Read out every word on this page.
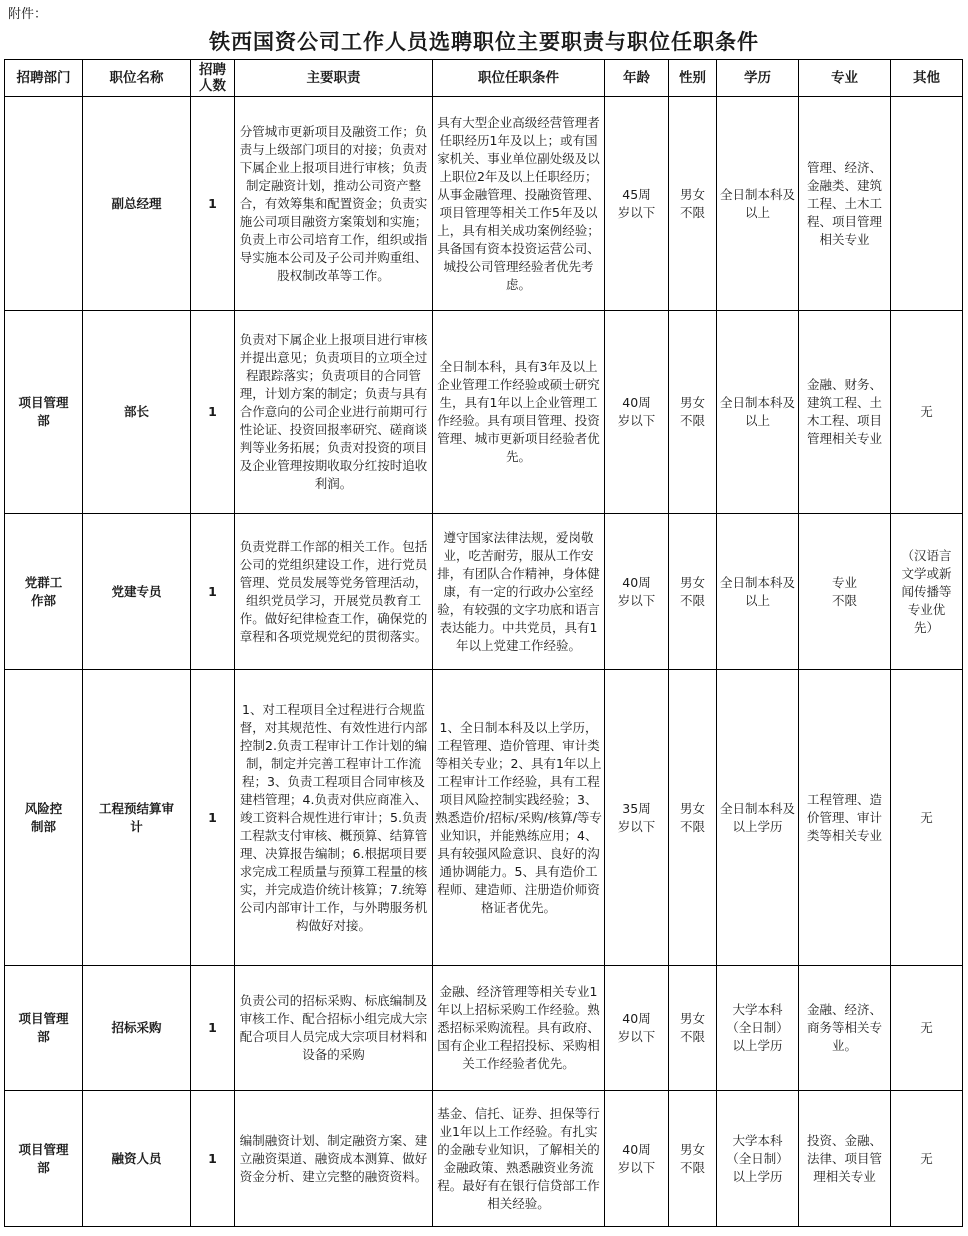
附件：
铁西国资公司工作人员选聘职位主要职责与职位任职条件
招聘部门	职位名称	招聘人数	主要职责	职位任职条件	年龄	性别	学历	专业	其他
	副总经理	1	分管城市更新项目及融资工作；负责与上级部门项目的对接；负责对下属企业上报项目进行审核；负责制定融资计划，推动公司资产整合，有效筹集和配置资金；负责实施公司项目融资方案策划和实施；负责上市公司培育工作，组织或指导实施本公司及子公司并购重组、股权制改革等工作。	具有大型企业高级经营管理者任职经历1年及以上；或有国家机关、事业单位副处级及以上职位2年及以上任职经历；从事金融管理、投融资管理、项目管理等相关工作5年及以上，具有相关成功案例经验；具备国有资本投资运营公司、城投公司管理经验者优先考虑。	45周岁以下	男女不限	全日制本科及以上	管理、经济、金融类、建筑工程、土木工程、项目管理相关专业	

项目管理部	部长	1	负责对下属企业上报项目进行审核并提出意见；负责项目的立项全过程跟踪落实；负责项目的合同管理，计划方案的制定；负责与具有合作意向的公司企业进行前期可行性论证、投资回报率研究、磋商谈判等业务拓展；负责对投资的项目及企业管理按期收取分红按时追收利润。	全日制本科，具有3年及以上企业管理工作经验或硕士研究生，具有1年以上企业管理工作经验。具有项目管理、投资管理、城市更新项目经验者优先。	40周岁以下	男女不限	全日制本科及以上	金融、财务、建筑工程、土木工程、项目管理相关专业	无

党群工作部	党建专员	1	负责党群工作部的相关工作。包括公司的党组织建设工作，进行党员管理、党员发展等党务管理活动，组织党员学习，开展党员教育工作。做好纪律检查工作，确保党的章程和各项党规党纪的贯彻落实。	遵守国家法律法规，爱岗敬业，吃苦耐劳，服从工作安排，有团队合作精神，身体健康，有一定的行政办公室经验，有较强的文字功底和语言表达能力。中共党员，具有1年以上党建工作经验。	40周岁以下	男女不限	全日制本科及以上	专业不限	（汉语言文学或新闻传播等专业优先）

风险控制部	工程预结算审计	1	1、对工程项目全过程进行合规监督，对其规范性、有效性进行内部控制2.负责工程审计工作计划的编制，制定并完善工程审计工作流程；3、负责工程项目合同审核及建档管理；4.负责对供应商准入、竣工资料合规性进行审计；5.负责工程款支付审核、概预算、结算管理、决算报告编制；6.根据项目要求完成工程质量与预算工程量的核实，并完成造价统计核算；7.统筹公司内部审计工作，与外聘服务机构做好对接。	1、全日制本科及以上学历，工程管理、造价管理、审计类等相关专业；2、具有1年以上工程审计工作经验，具有工程项目风险控制实践经验；3、熟悉造价/招标/采购/核算/等专业知识，并能熟练应用；4、具有较强风险意识、良好的沟通协调能力。5、具有造价工程师、建造师、注册造价师资格证者优先。	35周岁以下	男女不限	全日制本科及以上学历	工程管理、造价管理、审计类等相关专业	无

项目管理部	招标采购	1	负责公司的招标采购、标底编制及审核工作、配合招标小组完成大宗配合项目人员完成大宗项目材料和设备的采购	金融、经济管理等相关专业1年以上招标采购工作经验。熟悉招标采购流程。具有政府、国有企业工程招投标、采购相关工作经验者优先。	40周岁以下	男女不限	大学本科（全日制）以上学历	金融、经济、商务等相关专业。	无

项目管理部	融资人员	1	编制融资计划、制定融资方案、建立融资渠道、融资成本测算、做好资金分析、建立完整的融资资料。	基金、信托、证券、担保等行业1年以上工作经验。有扎实的金融专业知识，了解相关的金融政策、熟悉融资业务流程。最好有在银行信贷部工作相关经验。	40周岁以下	男女不限	大学本科（全日制）以上学历	投资、金融、法律、项目管理相关专业	无
